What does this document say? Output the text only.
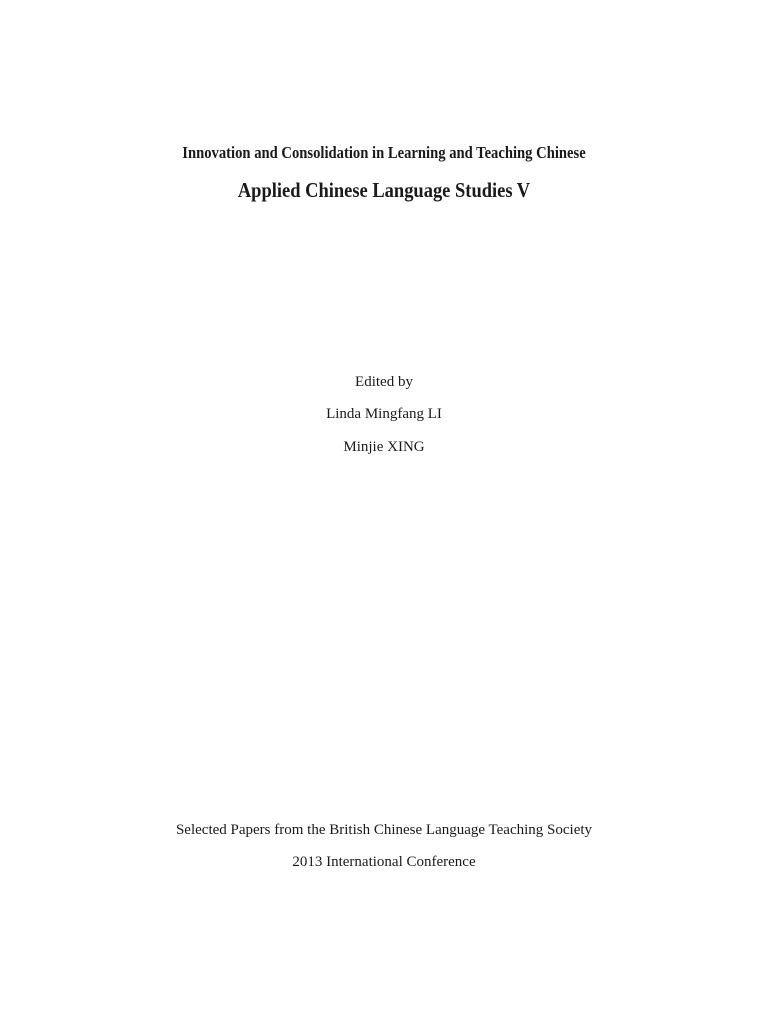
Innovation and Consolidation in Learning and Teaching Chinese
Applied Chinese Language Studies V
Edited by
Linda Mingfang LI
Minjie XING
Selected Papers from the British Chinese Language Teaching Society
2013 International Conference
